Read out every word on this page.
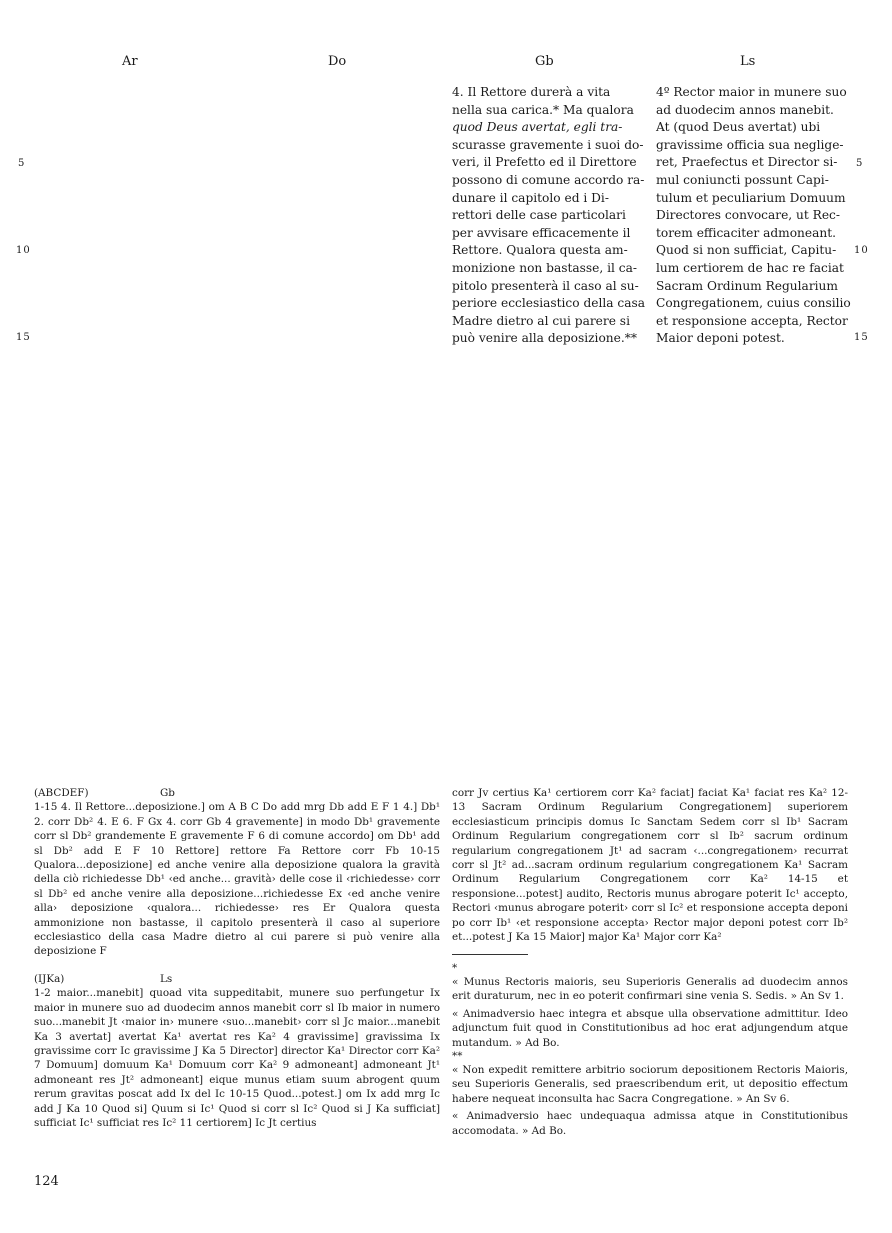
Ar	Do	Gb	Ls
5
10
15
5
10
15
4. Il Rettore durerà a vita
nella sua carica.* Ma qualora
quod Deus avertat, egli tra-
scurasse gravemente i suoi do-
veri, il Prefetto ed il Direttore
possono di comune accordo ra-
dunare il capitolo ed i Di-
rettori delle case particolari
per avvisare efficacemente il
Rettore. Qualora questa am-
monizione non bastasse, il ca-
pitolo presenterà il caso al su-
periore ecclesiastico della casa
Madre dietro al cui parere si
può venire alla deposizione.**
4º Rector maior in munere suo
ad duodecim annos manebit.
At (quod Deus avertat) ubi
gravissime officia sua neglige-
ret, Praefectus et Director si-
mul coniuncti possunt Capi-
tulum et peculiarium Domuum
Directores convocare, ut Rec-
torem efficaciter admoneant.
Quod si non sufficiat, Capitu-
lum certiorem de hac re faciat
Sacram Ordinum Regularium
Congregationem, cuius consilio
et responsione accepta, Rector
Maior deponi potest.
(ABCDEF)	Gb
1-15 4. Il Rettore...deposizione.] om A B C Do add mrg Db add E F 1 4.] Db¹ 2. corr Db² 4. E 6. F Gx 4. corr Gb 4 gravemente] in modo Db¹ gravemente corr sl Db² grandemente E gravemente F 6 di comune accordo] om Db¹ add sl Db² add E F 10 Rettore] rettore Fa Rettore corr Fb 10-15 Qualora...deposizione] ed anche venire alla deposizione qualora la gravità della ciò richiedesse Db¹ ‹ed anche... gravità› delle cose il ‹richiedesse› corr sl Db² ed anche venire alla deposizione...richiedesse Ex ‹ed anche venire alla› deposizione ‹qualora... richiedesse› res Er Qualora questa ammonizione non bastasse, il capitolo presenterà il caso al superiore ecclesiastico della casa Madre dietro al cui parere si può venire alla deposizione F
(IJKa)	Ls
1-2 maior...manebit] quoad vita suppeditabit, munere suo perfungetur Ix maior in munere suo ad duodecim annos manebit corr sl Ib maior in numero suo...manebit Jt ‹maior in› munere ‹suo...manebit› corr sl Jc maior...manebit Ka 3 avertat] avertat Ka¹ avertat res Ka² 4 gravissime] gravissima Ix gravissime corr Ic gravissime J Ka 5 Director] director Ka¹ Director corr Ka² 7 Domuum] domuum Ka¹ Domuum corr Ka² 9 admoneant] admoneant Jt¹ admoneant res Jt² admoneant] eique munus etiam suum abrogent quum rerum gravitas poscat add Ix del Ic 10-15 Quod...potest.] om Ix add mrg Ic add J Ka 10 Quod si] Quum si Ic¹ Quod si corr sl Ic² Quod si J Ka sufficiat] sufficiat Ic¹ sufficiat res Ic² 11 certiorem] Ic Jt certius
corr Jv certius Ka¹ certiorem corr Ka² faciat] faciat Ka¹ faciat res Ka² 12-13 Sacram Ordinum Regularium Congregationem] superiorem ecclesiasticum principis domus Ic Sanctam Sedem corr sl Ib¹ Sacram Ordinum Regularium congregationem corr sl Ib² sacrum ordinum regularium congregationem Jt¹ ad sacram ‹...congregationem› recurrat corr sl Jt² ad...sacram ordinum regularium congregationem Ka¹ Sacram Ordinum Regularium Congregationem corr Ka² 14-15 et responsione...potest] audito, Rectoris munus abrogare poterit Ic¹ accepto, Rectori ‹munus abrogare poterit› corr sl Ic² et responsione accepta deponi po corr Ib¹ ‹et responsione accepta› Rector major deponi potest corr Ib² et...potest J Ka 15 Maior] major Ka¹ Major corr Ka²

*

« Munus Rectoris maioris, seu Superioris Generalis ad duodecim annos erit duraturum, nec in eo poterit confirmari sine venia S. Sedis. » An Sv 1.

« Animadversio haec integra et absque ulla observatione admittitur. Ideo adjunctum fuit quod in Constitutionibus ad hoc erat adjungendum atque mutandum. » Ad Bo.

**

« Non expedit remittere arbitrio sociorum depositionem Rectoris Maioris, seu Superioris Generalis, sed praescribendum erit, ut depositio effectum habere nequeat inconsulta hac Sacra Congregatione. » An Sv 6.

« Animadversio haec undequaqua admissa atque in Constitutionibus accomodata. » Ad Bo.

124
